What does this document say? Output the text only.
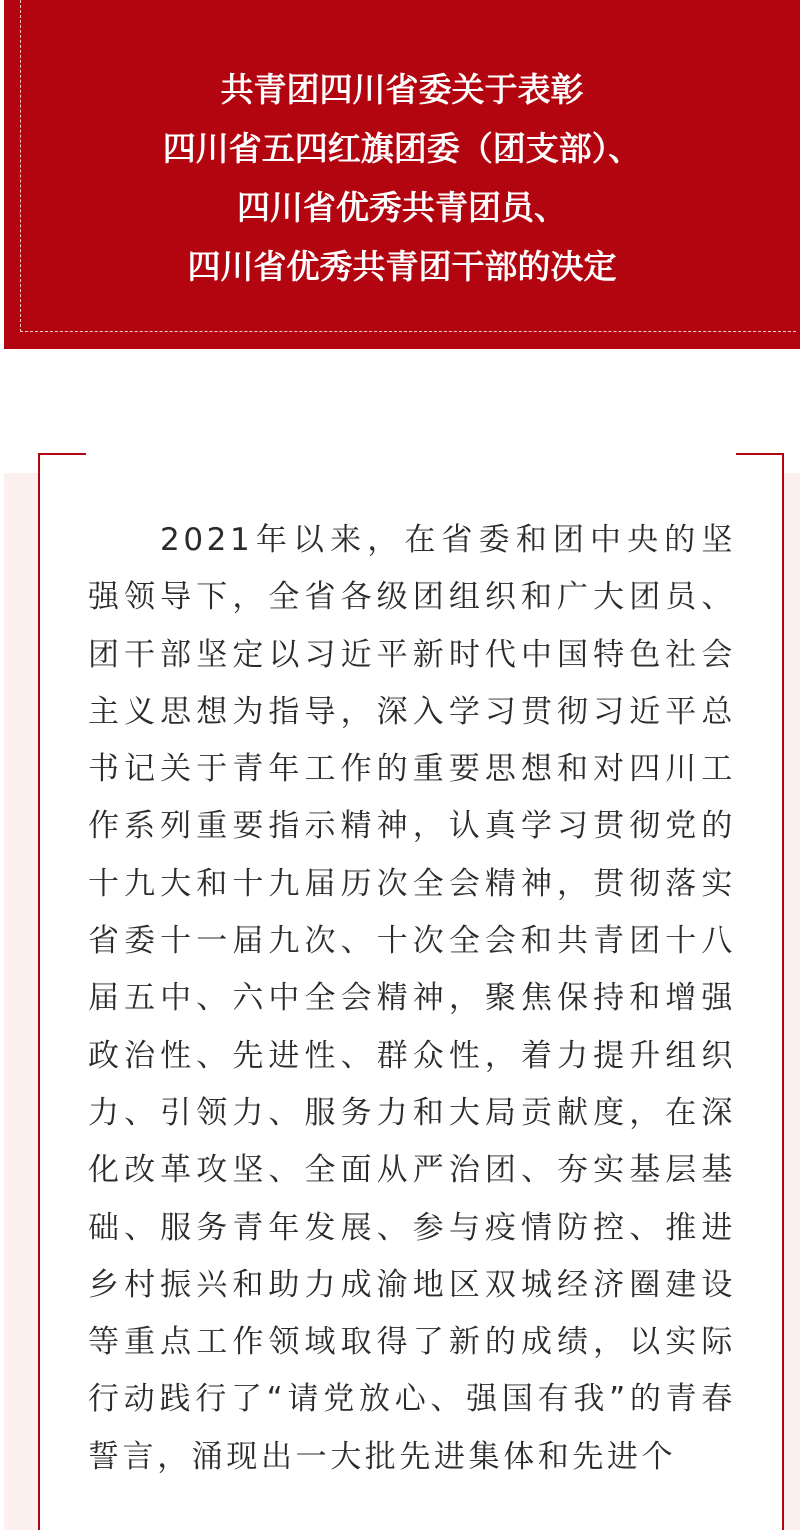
共青团四川省委关于表彰
四川省五四红旗团委（团支部）、
四川省优秀共青团员、
四川省优秀共青团干部的决定

2021年以来，在省委和团中央的坚强领导下，全省各级团组织和广大团员、团干部坚定以习近平新时代中国特色社会主义思想为指导，深入学习贯彻习近平总书记关于青年工作的重要思想和对四川工作系列重要指示精神，认真学习贯彻党的十九大和十九届历次全会精神，贯彻落实省委十一届九次、十次全会和共青团十八届五中、六中全会精神，聚焦保持和增强政治性、先进性、群众性，着力提升组织力、引领力、服务力和大局贡献度，在深化改革攻坚、全面从严治团、夯实基层基础、服务青年发展、参与疫情防控、推进乡村振兴和助力成渝地区双城经济圈建设等重点工作领域取得了新的成绩，以实际行动践行了“请党放心、强国有我”的青春誓言，涌现出一大批先进集体和先进个
